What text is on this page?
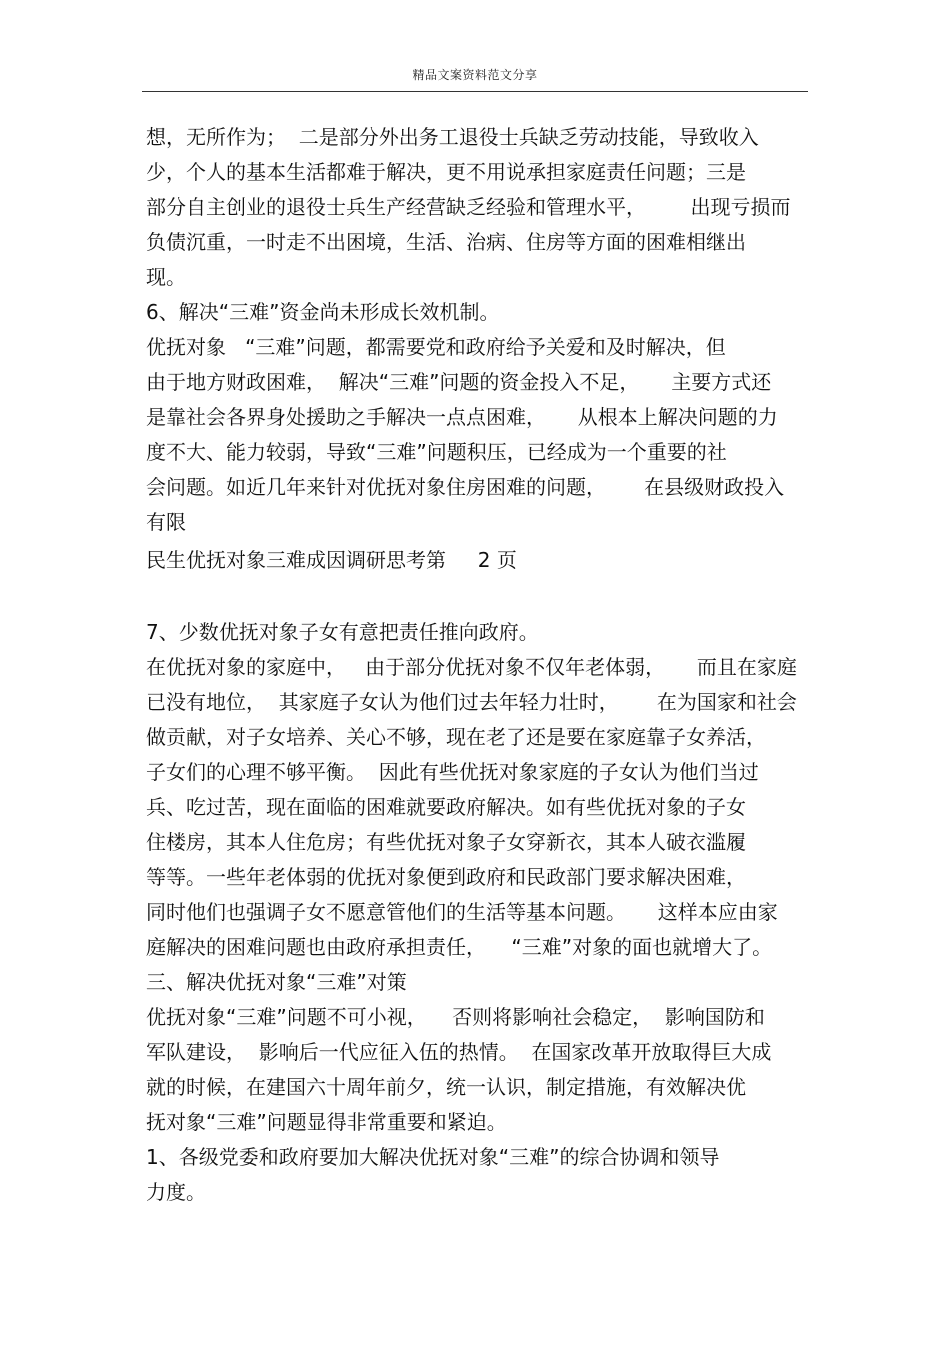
精品文案资料范文分享
想，无所作为；  二是部分外出务工退役士兵缺乏劳动技能，导致收入
少，个人的基本生活都难于解决，更不用说承担家庭责任问题；三是
部分自主创业的退役士兵生产经营缺乏经验和管理水平，       出现亏损而
负债沉重，一时走不出困境，生活、治病、住房等方面的困难相继出
现。
6、解决“三难”资金尚未形成长效机制。
优抚对象   “三难”问题，都需要党和政府给予关爱和及时解决，但
由于地方财政困难，  解决“三难”问题的资金投入不足，     主要方式还
是靠社会各界身处援助之手解决一点点困难，     从根本上解决问题的力
度不大、能力较弱，导致“三难”问题积压，已经成为一个重要的社
会问题。如近几年来针对优抚对象住房困难的问题，      在县级财政投入
有限
民生优抚对象三难成因调研思考第     2 页
7、少数优抚对象子女有意把责任推向政府。
在优抚对象的家庭中，   由于部分优抚对象不仅年老体弱，     而且在家庭
已没有地位，  其家庭子女认为他们过去年轻力壮时，      在为国家和社会
做贡献，对子女培养、关心不够，现在老了还是要在家庭靠子女养活，
子女们的心理不够平衡。  因此有些优抚对象家庭的子女认为他们当过
兵、吃过苦，现在面临的困难就要政府解决。如有些优抚对象的子女
住楼房，其本人住危房；有些优抚对象子女穿新衣，其本人破衣滥履
等等。一些年老体弱的优抚对象便到政府和民政部门要求解决困难，
同时他们也强调子女不愿意管他们的生活等基本问题。     这样本应由家
庭解决的困难问题也由政府承担责任，    “三难”对象的面也就增大了。
三、解决优抚对象“三难”对策
优抚对象“三难”问题不可小视，    否则将影响社会稳定，  影响国防和
军队建设，  影响后一代应征入伍的热情。  在国家改革开放取得巨大成
就的时候，在建国六十周年前夕，统一认识，制定措施，有效解决优
抚对象“三难”问题显得非常重要和紧迫。
1、各级党委和政府要加大解决优抚对象“三难”的综合协调和领导
力度。
